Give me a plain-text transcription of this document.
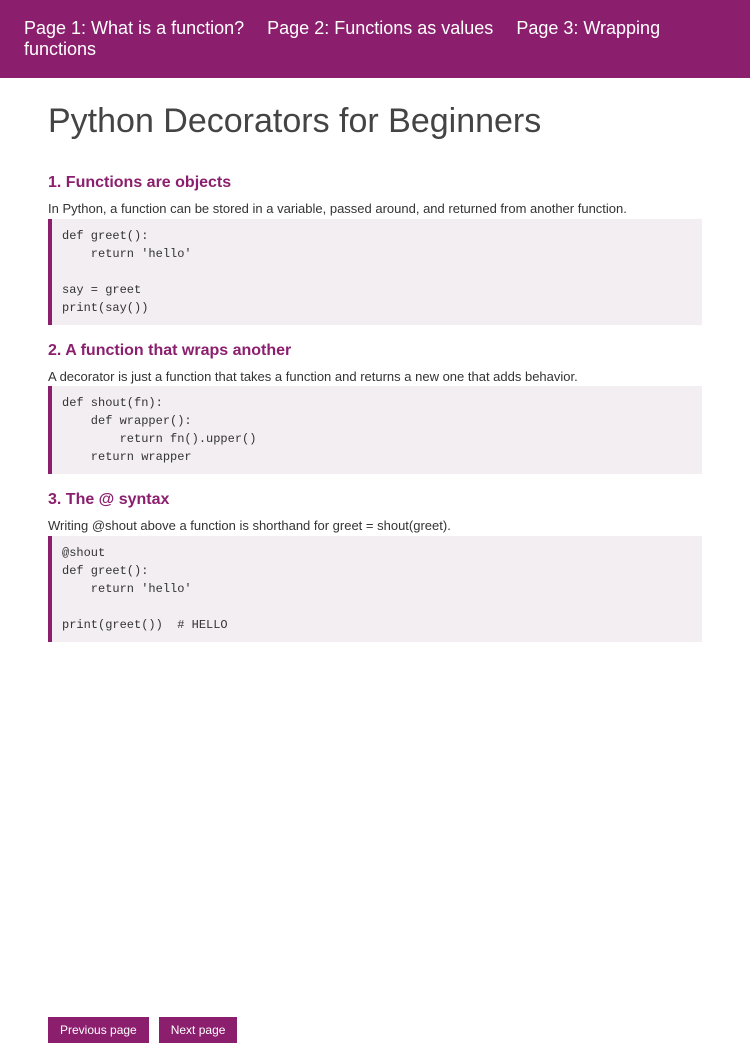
Page 1: What is a function? Page 2: Functions as values Page 3: Wrapping functions
Python Decorators for Beginners
1. Functions are objects
In Python, a function can be stored in a variable, passed around, and returned from another function.
def greet():
return 'hello'

say = greet
print(say())
2. A function that wraps another
A decorator is just a function that takes a function and returns a new one that adds behavior.
def shout(fn):
def wrapper():
return fn().upper()
return wrapper
3. The @ syntax
Writing @shout above a function is shorthand for greet = shout(greet).
@shout
def greet():
return 'hello'

print(greet())  # HELLO
Previous page	Next page
